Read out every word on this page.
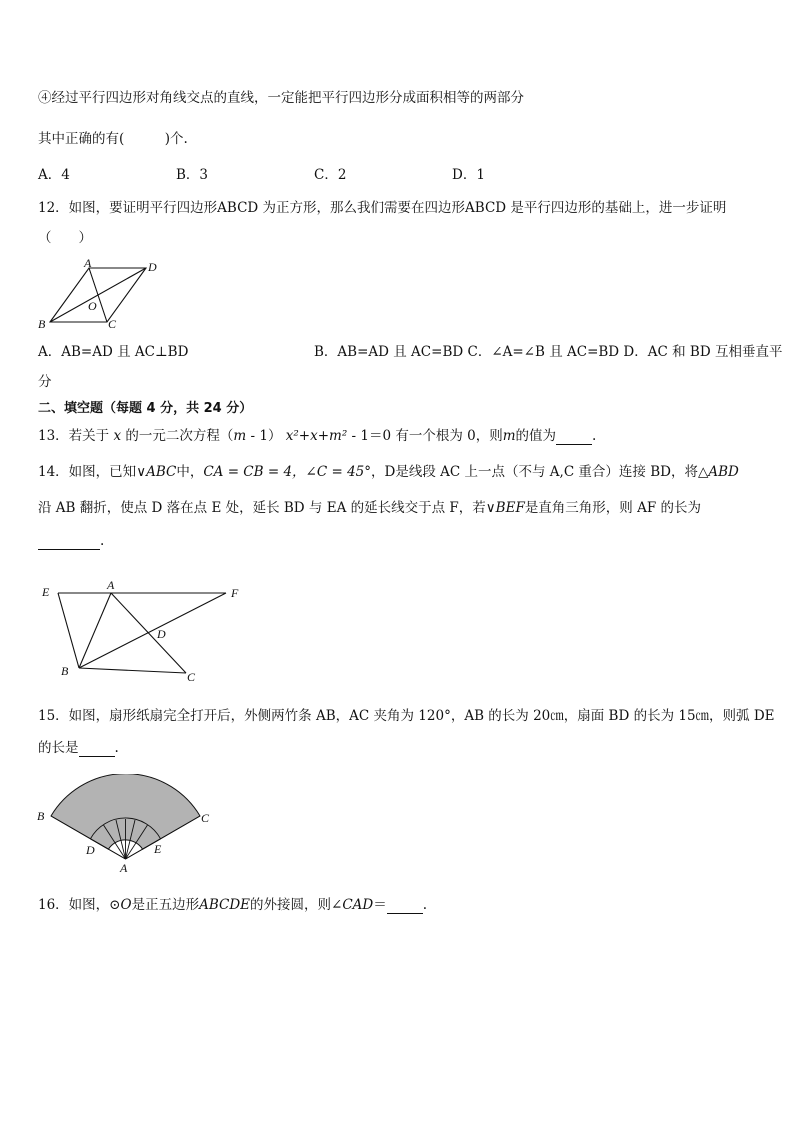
④经过平行四边形对角线交点的直线，一定能把平行四边形分成面积相等的两部分
其中正确的有(　　　)个.
A．4	B．3	C．2	D．1
12．如图，要证明平行四边形ABCD 为正方形，那么我们需要在四边形ABCD 是平行四边形的基础上，进一步证明
（　　）
A	D
B	C
O
A．AB=AD 且 AC⊥BD	B．AB=AD 且 AC=BD C．∠A=∠B 且 AC=BD D．AC 和 BD 互相垂直平
分
二、填空题（每题 4 分，共 24 分）
13．若关于 x 的一元二次方程（m - 1） x²+x+m² - 1＝0 有一个根为 0，则m的值为	.
14．如图，已知∨ABC中，CA = CB = 4，∠C = 45°，D是线段 AC 上一点（不与 A,C 重合）连接 BD，将△ABD
沿 AB 翻折，使点 D 落在点 E 处，延长 BD 与 EA 的延长线交于点 F，若∨BEF是直角三角形，则 AF 的长为
.
E	A
F
D
B	C
15．如图，扇形纸扇完全打开后，外侧两竹条 AB，AC 夹角为 120°，AB 的长为 20㎝，扇面 BD 的长为 15㎝，则弧 DE
的长是	.
B	C
D	E
A
16．如图，⊙O是正五边形ABCDE的外接圆，则∠CAD＝	.
